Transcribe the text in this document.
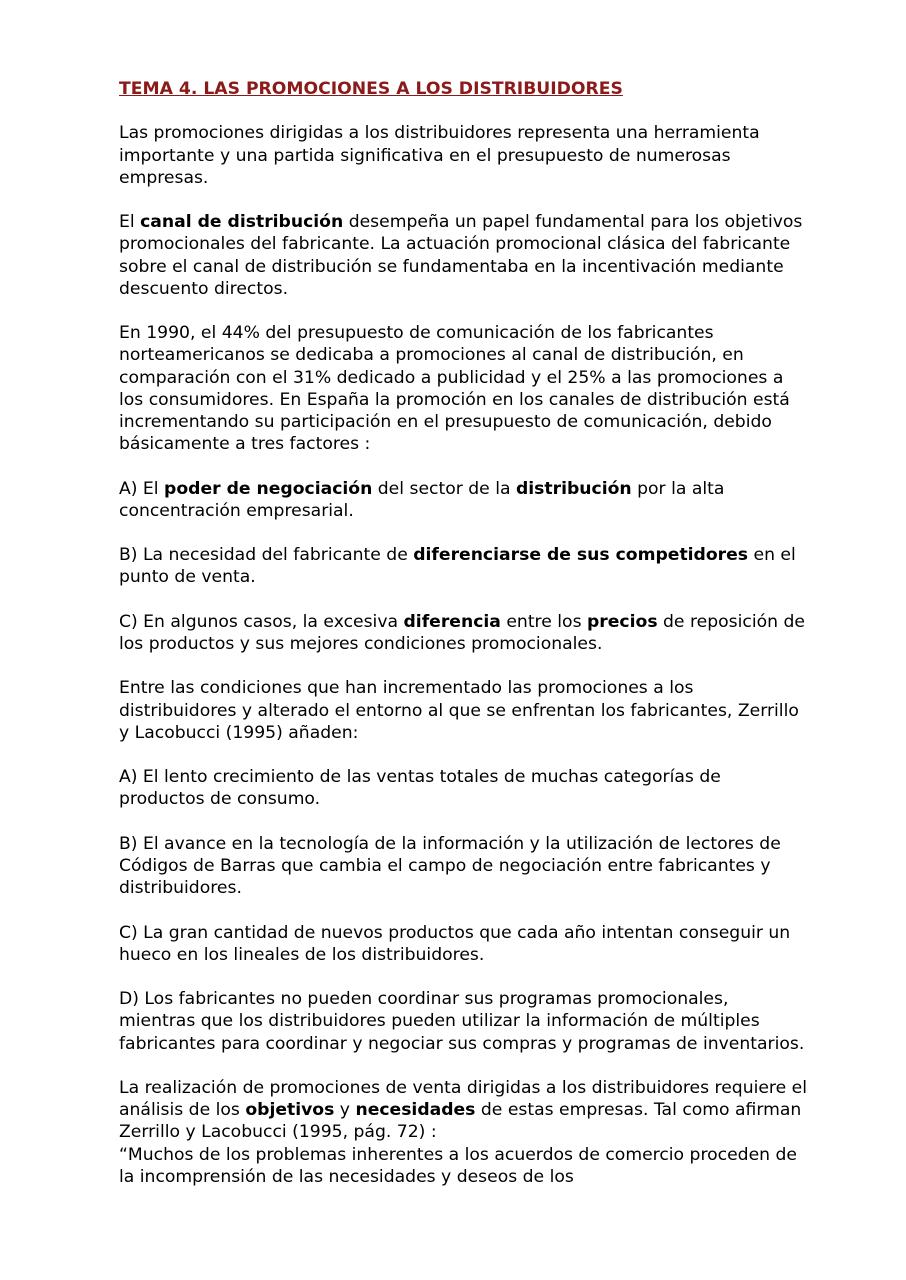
TEMA 4. LAS PROMOCIONES A LOS DISTRIBUIDORES

Las promociones dirigidas a los distribuidores representa una herramienta importante y una partida significativa en el presupuesto de numerosas empresas.

El canal de distribución desempeña un papel fundamental para los objetivos promocionales del fabricante. La actuación promocional clásica del fabricante sobre el canal de distribución se fundamentaba en la incentivación mediante descuento directos.

En 1990, el 44% del presupuesto de comunicación de los fabricantes norteamericanos se dedicaba a promociones al canal de distribución, en comparación con el 31% dedicado a publicidad y el 25% a las promociones a los consumidores. En España la promoción en los canales de distribución está incrementando su participación en el presupuesto de comunicación, debido básicamente a tres factores :

A) El poder de negociación del sector de la distribución por la alta concentración empresarial.

B) La necesidad del fabricante de diferenciarse de sus competidores en el punto de venta.

C) En algunos casos, la excesiva diferencia entre los precios de reposición de los productos y sus mejores condiciones promocionales.

Entre las condiciones que han incrementado las promociones a los distribuidores y alterado el entorno al que se enfrentan los fabricantes, Zerrillo y Lacobucci (1995) añaden:

A) El lento crecimiento de las ventas totales de muchas categorías de productos de consumo.

B) El avance en la tecnología de la información y la utilización de lectores de Códigos de Barras que cambia el campo de negociación entre fabricantes y distribuidores.

C) La gran cantidad de nuevos productos que cada año intentan conseguir un hueco en los lineales de los distribuidores.

D) Los fabricantes no pueden coordinar sus programas promocionales, mientras que los distribuidores pueden utilizar la información de múltiples fabricantes para coordinar y negociar sus compras y programas de inventarios.

La realización de promociones de venta dirigidas a los distribuidores requiere el análisis de los objetivos y necesidades de estas empresas. Tal como afirman Zerrillo y Lacobucci (1995, pág. 72) :

“Muchos de los problemas inherentes a los acuerdos de comercio proceden de la incomprensión de las necesidades y deseos de los
